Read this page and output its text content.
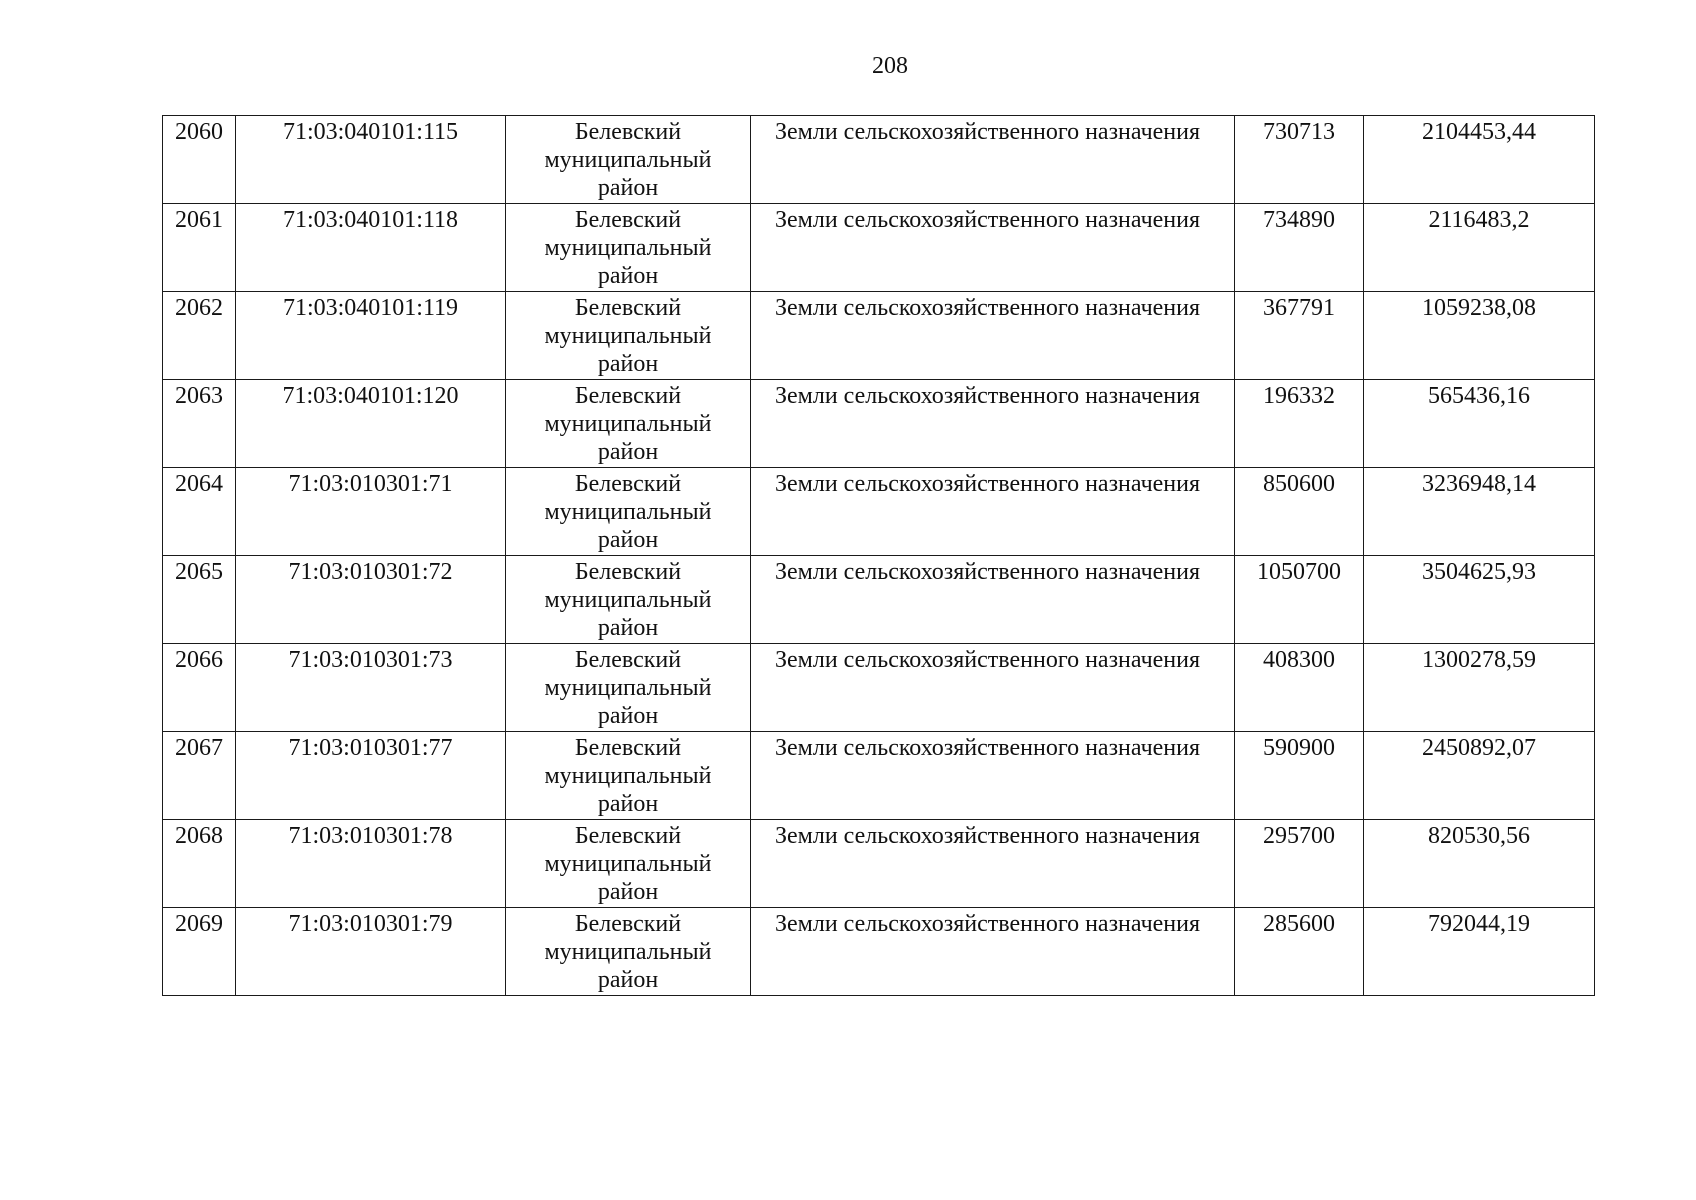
208
2060	71:03:040101:115	Белевский
муниципальный
район	Земли сельскохозяйственного назначения	730713	2104453,44
2061	71:03:040101:118	Белевский
муниципальный
район	Земли сельскохозяйственного назначения	734890	2116483,2
2062	71:03:040101:119	Белевский
муниципальный
район	Земли сельскохозяйственного назначения	367791	1059238,08
2063	71:03:040101:120	Белевский
муниципальный
район	Земли сельскохозяйственного назначения	196332	565436,16
2064	71:03:010301:71	Белевский
муниципальный
район	Земли сельскохозяйственного назначения	850600	3236948,14
2065	71:03:010301:72	Белевский
муниципальный
район	Земли сельскохозяйственного назначения	1050700	3504625,93
2066	71:03:010301:73	Белевский
муниципальный
район	Земли сельскохозяйственного назначения	408300	1300278,59
2067	71:03:010301:77	Белевский
муниципальный
район	Земли сельскохозяйственного назначения	590900	2450892,07
2068	71:03:010301:78	Белевский
муниципальный
район	Земли сельскохозяйственного назначения	295700	820530,56
2069	71:03:010301:79	Белевский
муниципальный
район	Земли сельскохозяйственного назначения	285600	792044,19
